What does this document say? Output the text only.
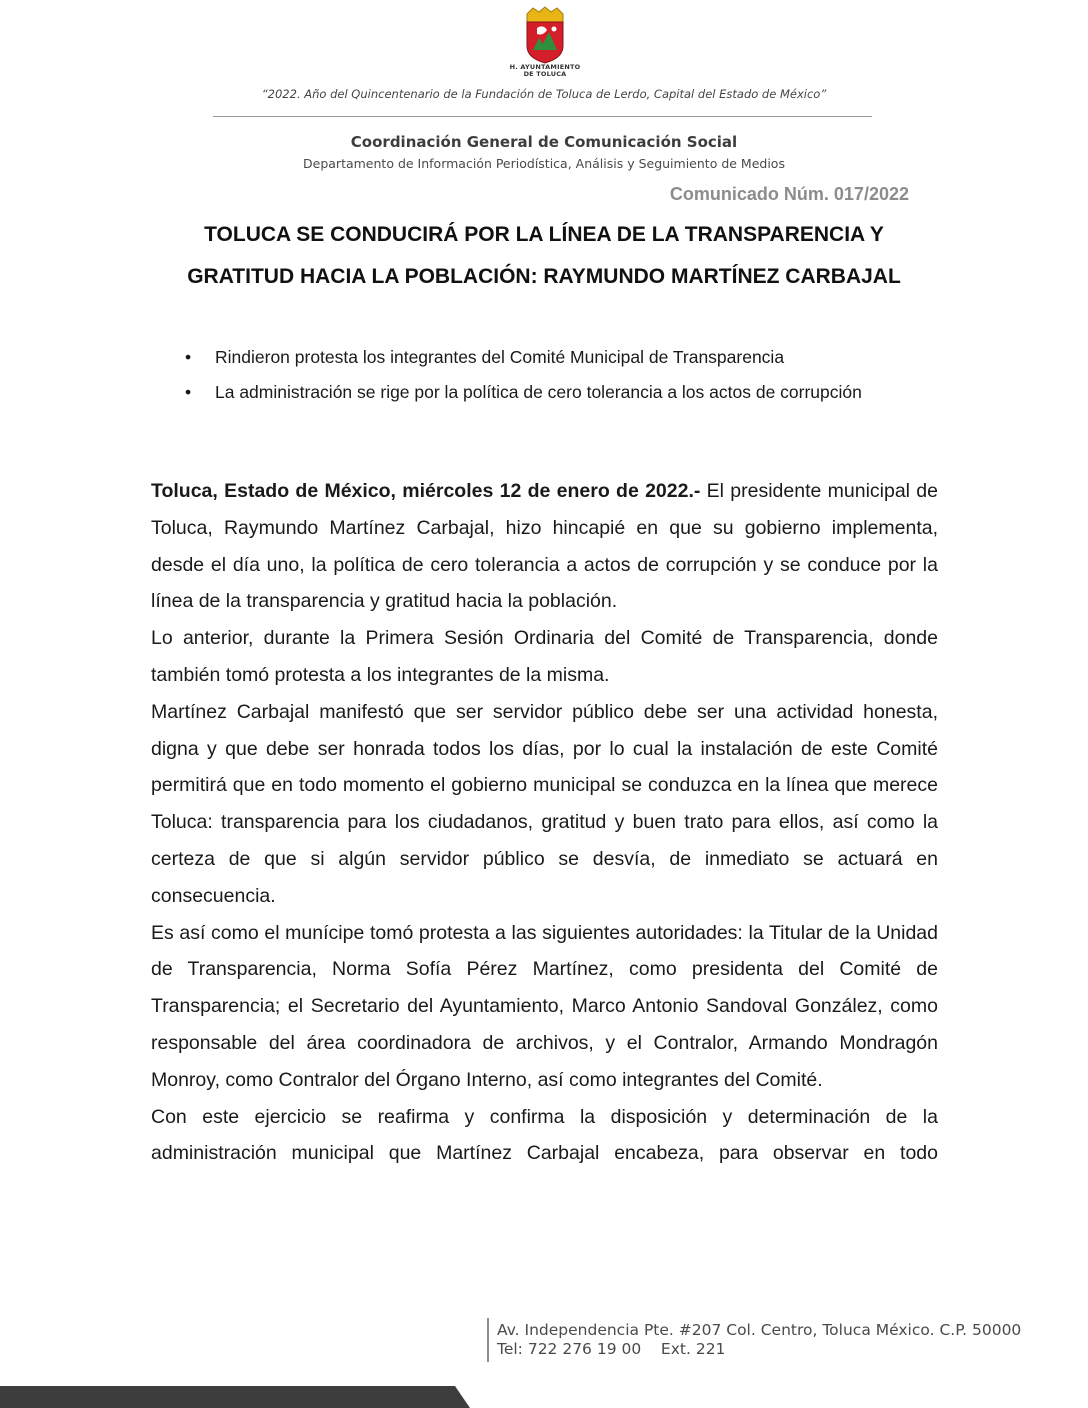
H. AYUNTAMIENTO
DE TOLUCA
“2022. Año del Quincentenario de la Fundación de Toluca de Lerdo, Capital del Estado de México”
Coordinación General de Comunicación Social
Departamento de Información Periodística, Análisis y Seguimiento de Medios
Comunicado Núm. 017/2022
TOLUCA SE CONDUCIRÁ POR LA LÍNEA DE LA TRANSPARENCIA Y GRATITUD HACIA LA POBLACIÓN: RAYMUNDO MARTÍNEZ CARBAJAL
• Rindieron protesta los integrantes del Comité Municipal de Transparencia
• La administración se rige por la política de cero tolerancia a los actos de corrupción

Toluca, Estado de México, miércoles 12 de enero de 2022.- El presidente municipal de Toluca, Raymundo Martínez Carbajal, hizo hincapié en que su gobierno implementa, desde el día uno, la política de cero tolerancia a actos de corrupción y se conduce por la línea de la transparencia y gratitud hacia la población.

Lo anterior, durante la Primera Sesión Ordinaria del Comité de Transparencia, donde también tomó protesta a los integrantes de la misma.

Martínez Carbajal manifestó que ser servidor público debe ser una actividad honesta, digna y que debe ser honrada todos los días, por lo cual la instalación de este Comité permitirá que en todo momento el gobierno municipal se conduzca en la línea que merece Toluca: transparencia para los ciudadanos, gratitud y buen trato para ellos, así como la certeza de que si algún servidor público se desvía, de inmediato se actuará en consecuencia.

Es así como el munícipe tomó protesta a las siguientes autoridades: la Titular de la Unidad de Transparencia, Norma Sofía Pérez Martínez, como presidenta del Comité de Transparencia; el Secretario del Ayuntamiento, Marco Antonio Sandoval González, como responsable del área coordinadora de archivos, y el Contralor, Armando Mondragón Monroy, como Contralor del Órgano Interno, así como integrantes del Comité.

Con este ejercicio se reafirma y confirma la disposición y determinación de la administración municipal que Martínez Carbajal encabeza, para observar en todo

Av. Independencia Pte. #207 Col. Centro, Toluca México. C.P. 50000
Tel: 722 276 19 00    Ext. 221
